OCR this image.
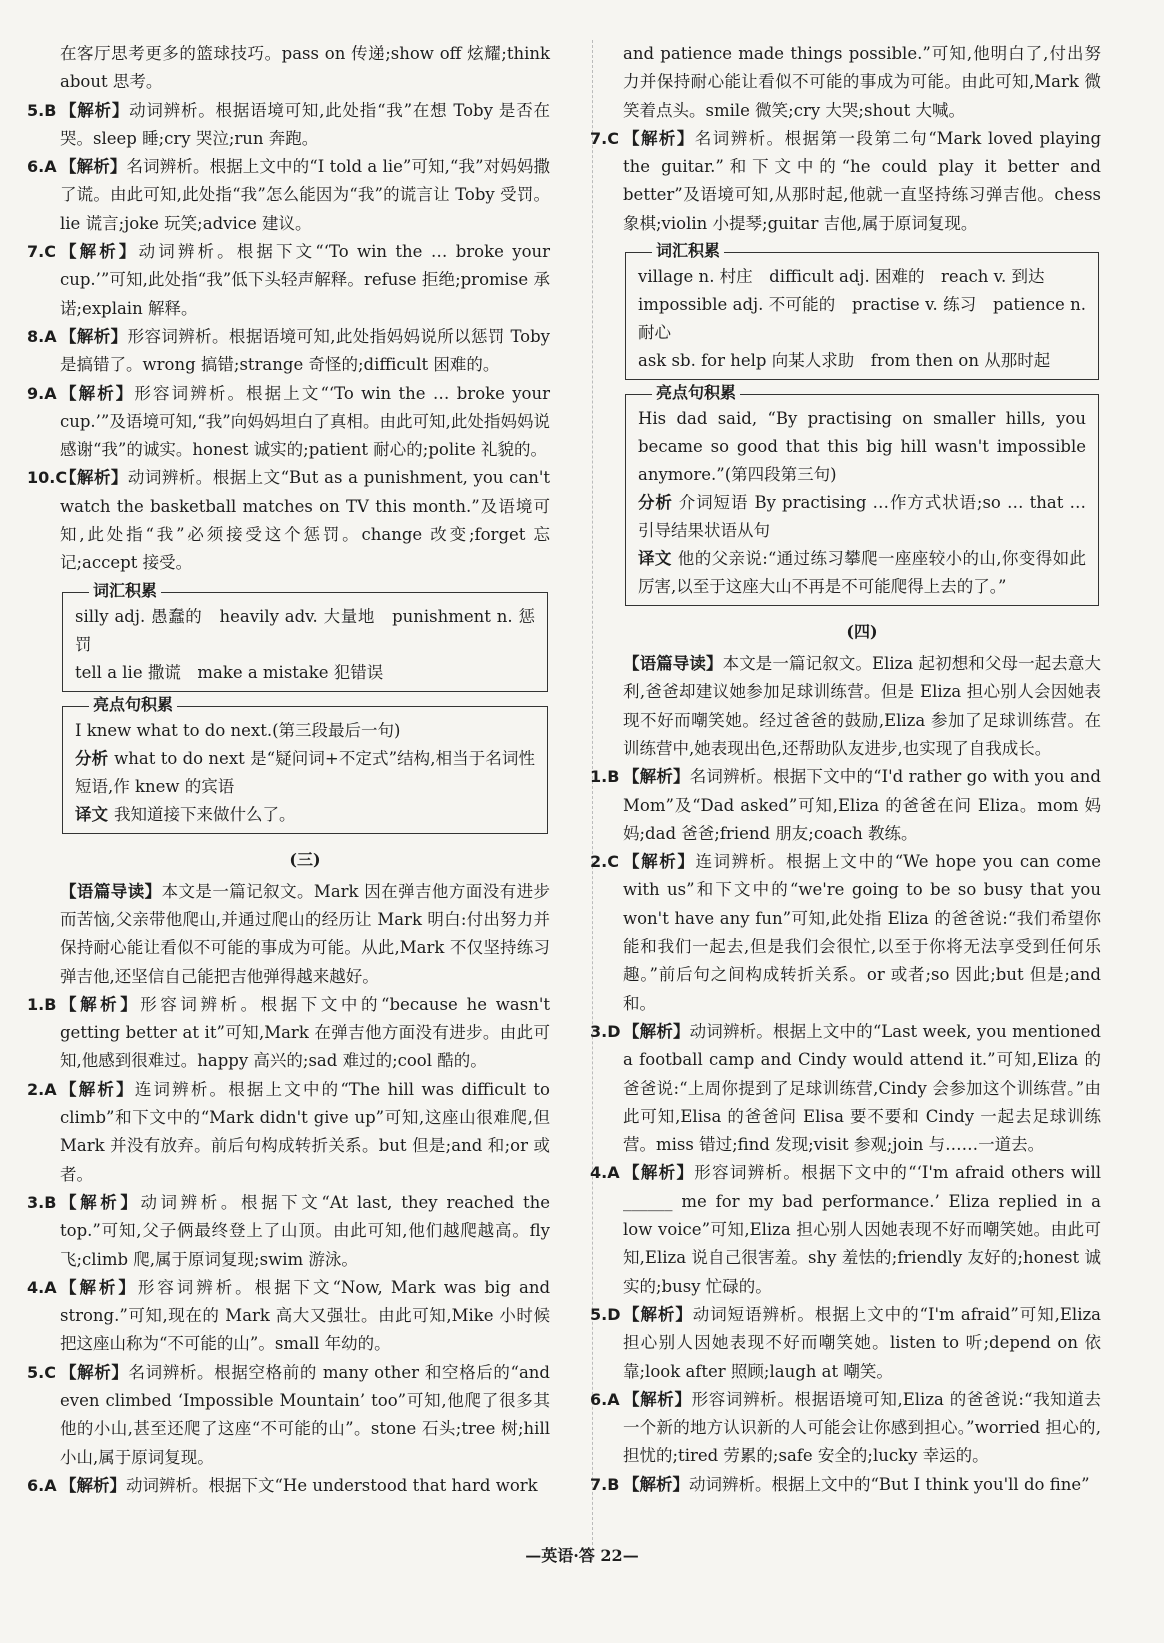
在客厅思考更多的篮球技巧。pass on 传递;show off 炫耀;think about 思考。

5.B 【解析】动词辨析。根据语境可知,此处指“我”在想 Toby 是否在哭。sleep 睡;cry 哭泣;run 奔跑。

6.A 【解析】名词辨析。根据上文中的“I told a lie”可知,“我”对妈妈撒了谎。由此可知,此处指“我”怎么能因为“我”的谎言让 Toby 受罚。lie 谎言;joke 玩笑;advice 建议。

7.C 【解析】动词辨析。根据下文“‘To win the … broke your cup.’”可知,此处指“我”低下头轻声解释。refuse 拒绝;promise 承诺;explain 解释。

8.A 【解析】形容词辨析。根据语境可知,此处指妈妈说所以惩罚 Toby 是搞错了。wrong 搞错;strange 奇怪的;difficult 困难的。

9.A 【解析】形容词辨析。根据上文“‘To win the … broke your cup.’”及语境可知,“我”向妈妈坦白了真相。由此可知,此处指妈妈说感谢“我”的诚实。honest 诚实的;patient 耐心的;polite 礼貌的。

10.C
【解析】动词辨析。根据上文“But as a punishment, you can't watch the basketball matches on TV this month.”及语境可知,此处指“我”必须接受这个惩罚。change 改变;forget 忘记;accept 接受。

词汇积累

silly adj. 愚蠢的　heavily adv. 大量地　punishment n. 惩罚

tell a lie 撒谎　make a mistake 犯错误

亮点句积累

I knew what to do next.(第三段最后一句)

分析 what to do next 是“疑问词+不定式”结构,相当于名词性短语,作 knew 的宾语

译文 我知道接下来做什么了。

(三)

【语篇导读】本文是一篇记叙文。Mark 因在弹吉他方面没有进步而苦恼,父亲带他爬山,并通过爬山的经历让 Mark 明白:付出努力并保持耐心能让看似不可能的事成为可能。从此,Mark 不仅坚持练习弹吉他,还坚信自己能把吉他弹得越来越好。

1.B 【解析】形容词辨析。根据下文中的“because he wasn't getting better at it”可知,Mark 在弹吉他方面没有进步。由此可知,他感到很难过。happy 高兴的;sad 难过的;cool 酷的。

2.A 【解析】连词辨析。根据上文中的“The hill was difficult to climb”和下文中的“Mark didn't give up”可知,这座山很难爬,但 Mark 并没有放弃。前后句构成转折关系。but 但是;and 和;or 或者。

3.B 【解析】动词辨析。根据下文“At last, they reached the top.”可知,父子俩最终登上了山顶。由此可知,他们越爬越高。fly 飞;climb 爬,属于原词复现;swim 游泳。

4.A 【解析】形容词辨析。根据下文“Now, Mark was big and strong.”可知,现在的 Mark 高大又强壮。由此可知,Mike 小时候把这座山称为“不可能的山”。small 年幼的。

5.C 【解析】名词辨析。根据空格前的 many other 和空格后的“and even climbed ‘Impossible Mountain’ too”可知,他爬了很多其他的小山,甚至还爬了这座“不可能的山”。stone 石头;tree 树;hill 小山,属于原词复现。

6.A 【解析】动词辨析。根据下文“He understood that hard work

and patience made things possible.”可知,他明白了,付出努力并保持耐心能让看似不可能的事成为可能。由此可知,Mark 微笑着点头。smile 微笑;cry 大哭;shout 大喊。

7.C 【解析】名词辨析。根据第一段第二句“Mark loved playing the guitar.”和下文中的“he could play it better and better”及语境可知,从那时起,他就一直坚持练习弹吉他。chess 象棋;violin 小提琴;guitar 吉他,属于原词复现。

词汇积累

village n. 村庄　difficult adj. 困难的　reach v. 到达

impossible adj. 不可能的　practise v. 练习　patience n. 耐心

ask sb. for help 向某人求助　from then on 从那时起

亮点句积累

His dad said, “By practising on smaller hills, you became so good that this big hill wasn't impossible anymore.”(第四段第三句)

分析 介词短语 By practising …作方式状语;so … that …引导结果状语从句

译文 他的父亲说:“通过练习攀爬一座座较小的山,你变得如此厉害,以至于这座大山不再是不可能爬得上去的了。”

(四)

【语篇导读】本文是一篇记叙文。Eliza 起初想和父母一起去意大利,爸爸却建议她参加足球训练营。但是 Eliza 担心别人会因她表现不好而嘲笑她。经过爸爸的鼓励,Eliza 参加了足球训练营。在训练营中,她表现出色,还帮助队友进步,也实现了自我成长。

1.B 【解析】名词辨析。根据下文中的“I'd rather go with you and Mom”及“Dad asked”可知,Eliza 的爸爸在问 Eliza。mom 妈妈;dad 爸爸;friend 朋友;coach 教练。

2.C 【解析】连词辨析。根据上文中的“We hope you can come with us”和下文中的“we're going to be so busy that you won't have any fun”可知,此处指 Eliza 的爸爸说:“我们希望你能和我们一起去,但是我们会很忙,以至于你将无法享受到任何乐趣。”前后句之间构成转折关系。or 或者;so 因此;but 但是;and 和。

3.D 【解析】动词辨析。根据上文中的“Last week, you mentioned a football camp and Cindy would attend it.”可知,Eliza 的爸爸说:“上周你提到了足球训练营,Cindy 会参加这个训练营。”由此可知,Elisa 的爸爸问 Elisa 要不要和 Cindy 一起去足球训练营。miss 错过;find 发现;visit 参观;join 与……一道去。

4.A 【解析】形容词辨析。根据下文中的“‘I'm afraid others will ______ me for my bad performance.’ Eliza replied in a low voice”可知,Eliza 担心别人因她表现不好而嘲笑她。由此可知,Eliza 说自己很害羞。shy 羞怯的;friendly 友好的;honest 诚实的;busy 忙碌的。

5.D 【解析】动词短语辨析。根据上文中的“I'm afraid”可知,Eliza 担心别人因她表现不好而嘲笑她。listen to 听;depend on 依靠;look after 照顾;laugh at 嘲笑。

6.A 【解析】形容词辨析。根据语境可知,Eliza 的爸爸说:“我知道去一个新的地方认识新的人可能会让你感到担心。”worried 担心的,担忧的;tired 劳累的;safe 安全的;lucky 幸运的。

7.B 【解析】动词辨析。根据上文中的“But I think you'll do fine”

—英语·答 22—
